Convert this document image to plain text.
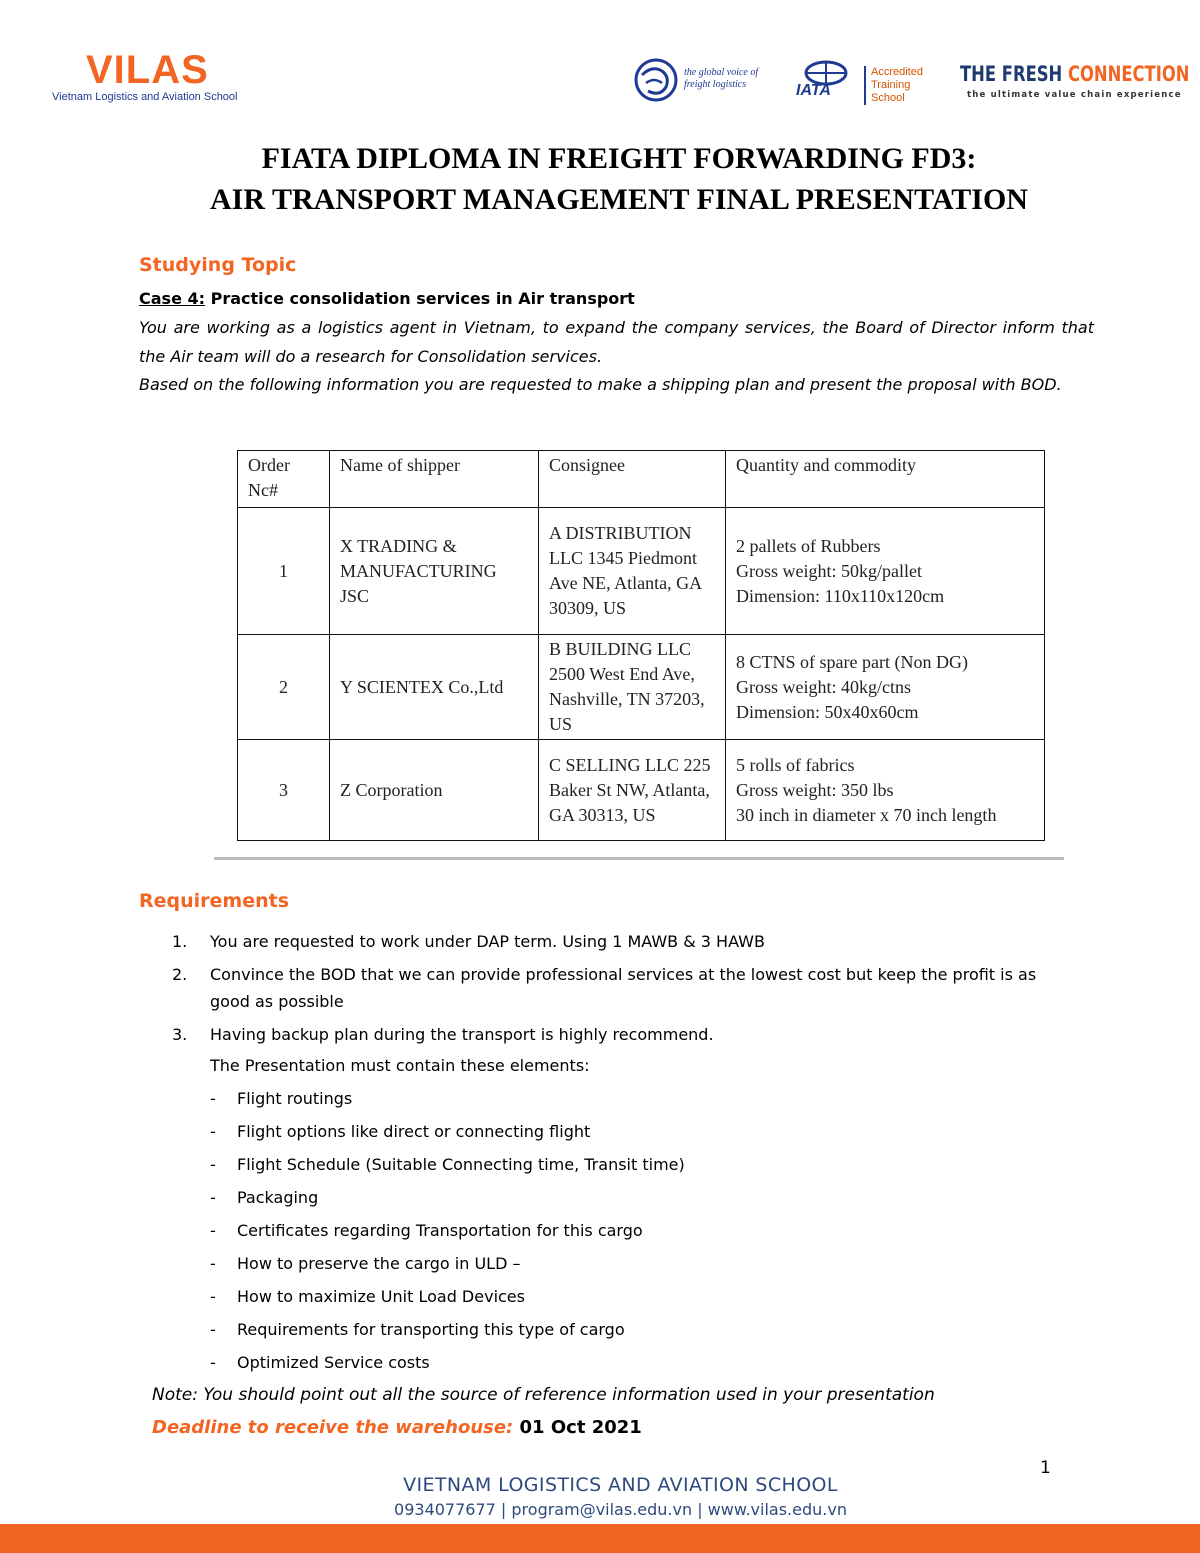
VILAS
Vietnam Logistics and Aviation School
the global voice of freight logistics	IATA
Accredited Training School
THE FRESH CONNECTION
the ultimate value chain experience
FIATA DIPLOMA IN FREIGHT FORWARDING FD3:
AIR TRANSPORT MANAGEMENT FINAL PRESENTATION
Studying Topic
Case 4: Practice consolidation services in Air transport
You are working as a logistics agent in Vietnam, to expand the company services, the Board of Director inform that the Air team will do a research for Consolidation services.
Based on the following information you are requested to make a shipping plan and present the proposal with BOD.
Order Nc#	Name of shipper	Consignee	Quantity and commodity
1	X TRADING & MANUFACTURING JSC	A DISTRIBUTION LLC 1345 Piedmont Ave NE, Atlanta, GA 30309, US	2 pallets of Rubbers
Gross weight: 50kg/pallet
Dimension: 110x110x120cm

2	Y SCIENTEX Co.,Ltd	B BUILDING LLC 2500 West End Ave, Nashville, TN 37203, US	8 CTNS of spare part (Non DG)
Gross weight: 40kg/ctns
Dimension: 50x40x60cm

3	Z Corporation	C SELLING LLC 225 Baker St NW, Atlanta, GA 30313, US	5 rolls of fabrics
Gross weight: 350 lbs
30 inch in diameter x 70 inch length
Requirements
1. You are requested to work under DAP term. Using 1 MAWB & 3 HAWB
2. Convince the BOD that we can provide professional services at the lowest cost but keep the profit is as good as possible
3. Having backup plan during the transport is highly recommend.
The Presentation must contain these elements:
- Flight routings
- Flight options like direct or connecting flight
- Flight Schedule (Suitable Connecting time, Transit time)
- Packaging
- Certificates regarding Transportation for this cargo
- How to preserve the cargo in ULD –
- How to maximize Unit Load Devices
- Requirements for transporting this type of cargo
- Optimized Service costs
Note: You should point out all the source of reference information used in your presentation
Deadline to receive the warehouse: 01 Oct 2021
1
VIETNAM LOGISTICS AND AVIATION SCHOOL
0934077677 | program@vilas.edu.vn | www.vilas.edu.vn
